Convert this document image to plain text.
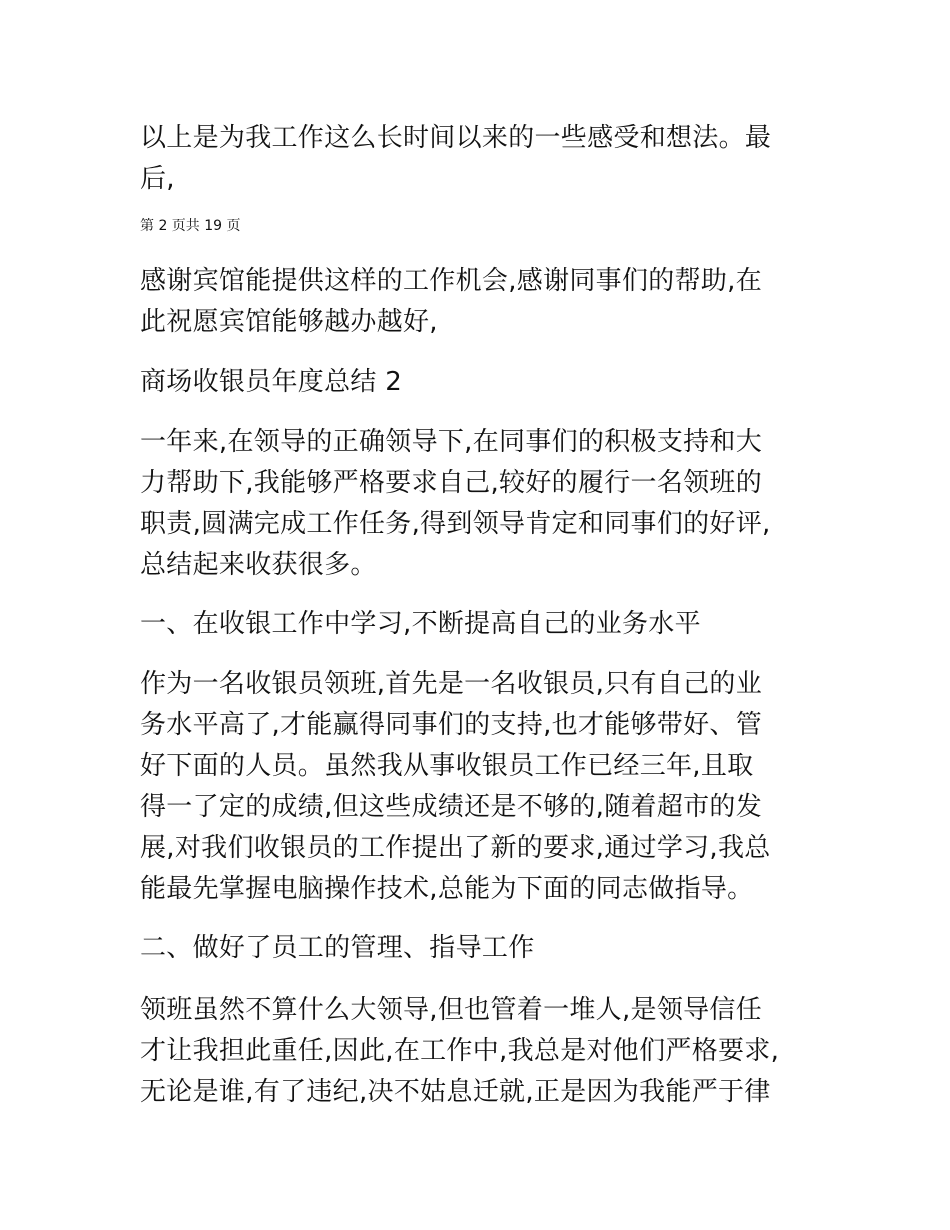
以上是为我工作这么长时间以来的一些感受和想法。最
后,
第 2 页共 19 页
感谢宾馆能提供这样的工作机会,感谢同事们的帮助,在
此祝愿宾馆能够越办越好,
商场收银员年度总结 2
一年来,在领导的正确领导下,在同事们的积极支持和大
力帮助下,我能够严格要求自己,较好的履行一名领班的
职责,圆满完成工作任务,得到领导肯定和同事们的好评,
总结起来收获很多。
一、在收银工作中学习,不断提高自己的业务水平
作为一名收银员领班,首先是一名收银员,只有自己的业
务水平高了,才能赢得同事们的支持,也才能够带好、管
好下面的人员。虽然我从事收银员工作已经三年,且取
得一了定的成绩,但这些成绩还是不够的,随着超市的发
展,对我们收银员的工作提出了新的要求,通过学习,我总
能最先掌握电脑操作技术,总能为下面的同志做指导。
二、做好了员工的管理、指导工作
领班虽然不算什么大领导,但也管着一堆人,是领导信任
才让我担此重任,因此,在工作中,我总是对他们严格要求,
无论是谁,有了违纪,决不姑息迁就,正是因为我能严于律
